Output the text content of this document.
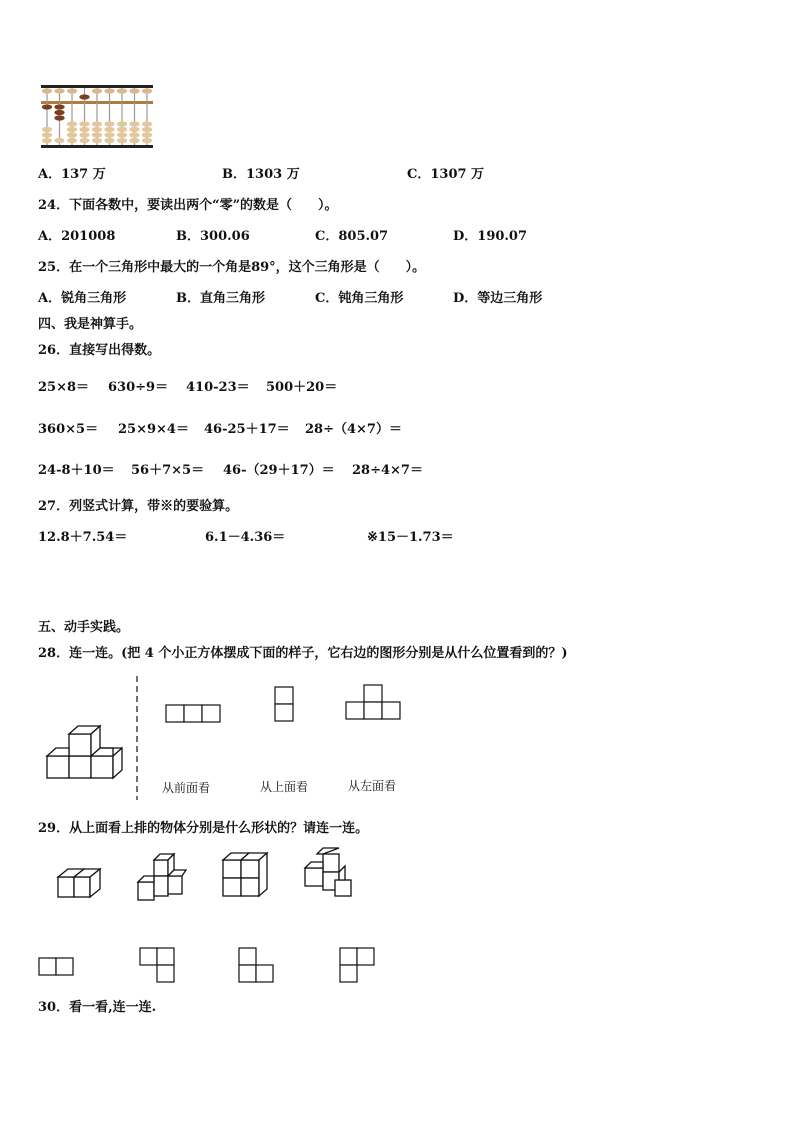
A．137 万	B．1303 万	C．1307 万
24．下面各数中，要读出两个“零”的数是（　　）。
A．201008	B．300.06	C．805.07	D．190.07
25．在一个三角形中最大的一个角是89°，这个三角形是（　　）。
A．锐角三角形	B．直角三角形	C．钝角三角形	D．等边三角形
四、我是神算手。
26．直接写出得数。
25×8＝ 630÷9＝ 410-23＝ 500＋20＝
360×5＝ 25×9×4＝ 46-25＋17＝ 28÷（4×7）＝
24-8＋10＝ 56＋7×5＝ 46-（29＋17）＝ 28÷4×7＝
27．列竖式计算，带※的要验算。
12.8＋7.54＝	6.1－4.36＝	※15－1.73＝
五、动手实践。
28．连一连。(把 4 个小正方体摆成下面的样子，它右边的图形分别是从什么位置看到的？)
从前面看	从上面看	从左面看
29．从上面看上排的物体分别是什么形状的？请连一连。
30．看一看,连一连.
